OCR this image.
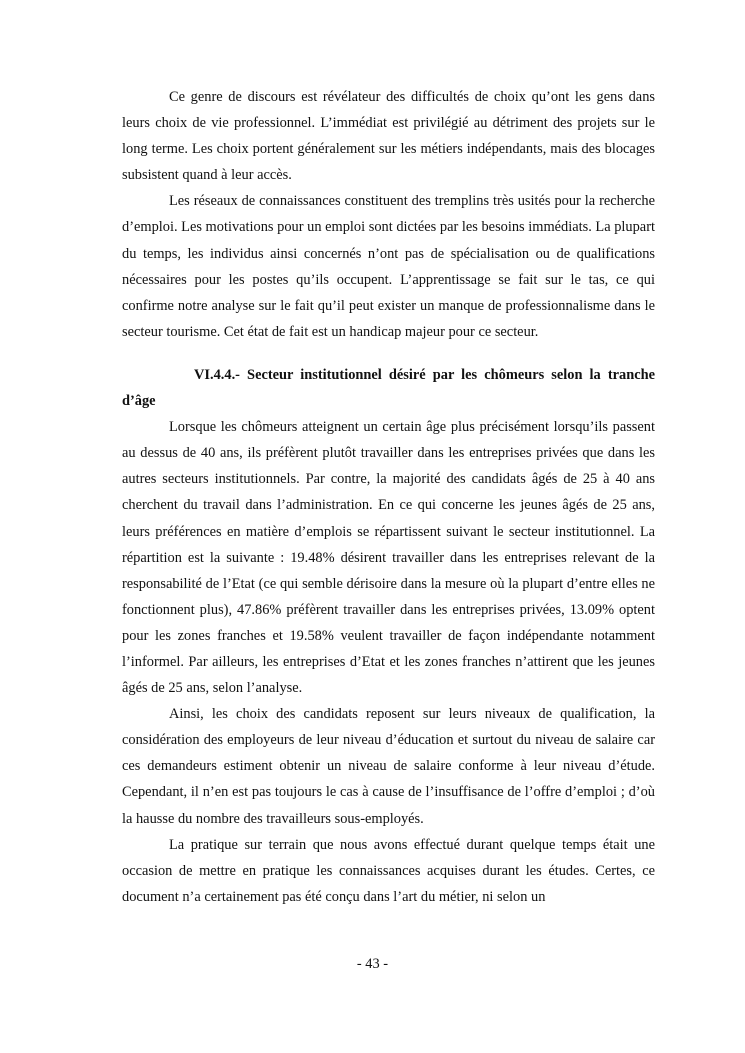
Ce genre de discours est révélateur des difficultés de choix qu’ont les gens dans leurs choix de vie professionnel. L’immédiat est privilégié au détriment des projets sur le long terme. Les choix portent généralement sur les métiers indépendants, mais des blocages subsistent quand à leur accès.

Les réseaux de connaissances constituent des tremplins très usités pour la recherche d’emploi. Les motivations pour un emploi sont dictées par les besoins immédiats. La plupart du temps, les individus ainsi concernés n’ont pas de spécialisation ou de qualifications nécessaires pour les postes qu’ils occupent. L’apprentissage se fait sur le tas, ce qui confirme notre analyse sur le fait qu’il peut exister un manque de professionnalisme dans le secteur tourisme. Cet état de fait est un handicap majeur pour ce secteur.

VI.4.4.- Secteur institutionnel désiré par les chômeurs selon la tranche d’âge

Lorsque les chômeurs atteignent un certain âge plus précisément lorsqu’ils passent au dessus de 40 ans, ils préfèrent plutôt travailler dans les entreprises privées que dans les autres secteurs institutionnels. Par contre, la majorité des candidats âgés de 25 à 40 ans cherchent du travail dans l’administration. En ce qui concerne les jeunes âgés de 25 ans, leurs préférences en matière d’emplois se répartissent suivant le secteur institutionnel. La répartition est la suivante : 19.48% désirent travailler dans les entreprises relevant de la responsabilité de l’Etat (ce qui semble dérisoire dans la mesure où la plupart d’entre elles ne fonctionnent plus), 47.86% préfèrent travailler dans les entreprises privées, 13.09% optent pour les zones franches et 19.58% veulent travailler de façon indépendante notamment l’informel. Par ailleurs, les entreprises d’Etat et les zones franches n’attirent que les jeunes âgés de 25 ans, selon l’analyse.

Ainsi, les choix des candidats reposent sur leurs niveaux de qualification, la considération des employeurs de leur niveau d’éducation et surtout du niveau de salaire car ces demandeurs estiment obtenir un niveau de salaire conforme à leur niveau d’étude. Cependant, il n’en est pas toujours le cas à cause de l’insuffisance de l’offre d’emploi ; d’où la hausse du nombre des travailleurs sous-employés.

La pratique sur terrain que nous avons effectué durant quelque temps était une occasion de mettre en pratique les connaissances acquises durant les études. Certes, ce document n’a certainement pas été conçu dans l’art du métier, ni selon un

- 43 -
